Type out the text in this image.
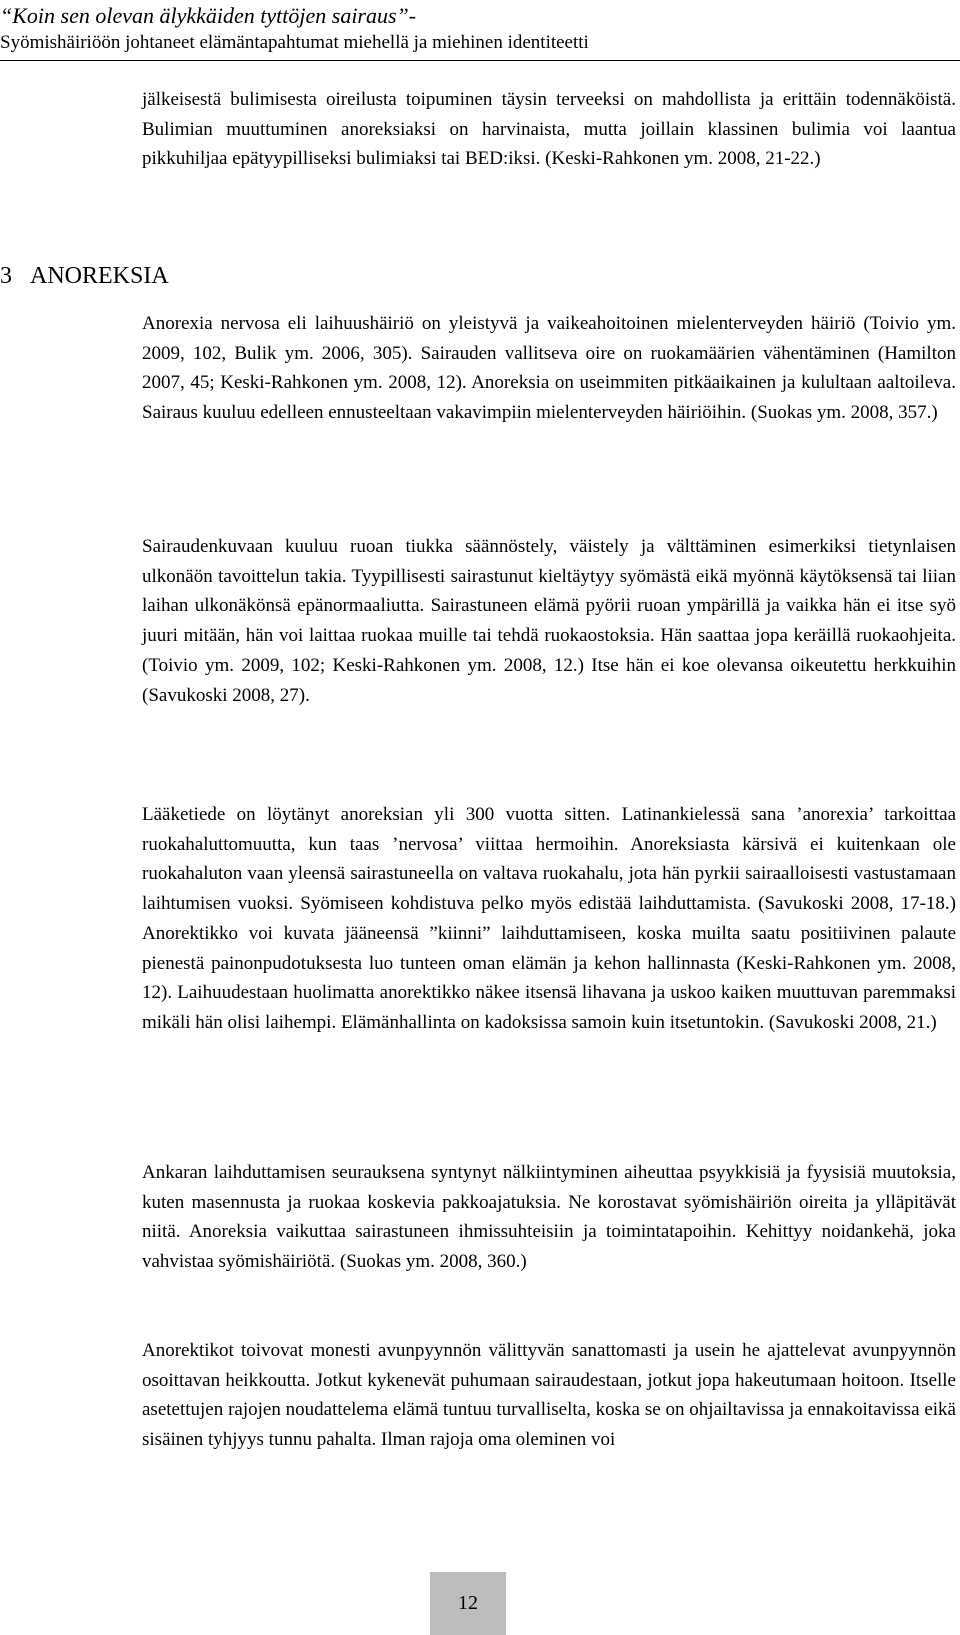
“Koin sen olevan älykkäiden tyttöjen sairaus”-
Syömishäiriöön johtaneet elämäntapahtumat miehellä ja miehinen identiteetti
jälkeisestä bulimisesta oireilusta toipuminen täysin terveeksi on mahdollista ja erittäin todennäköistä. Bulimian muuttuminen anoreksiaksi on harvinaista, mutta joillain klassinen bulimia voi laantua pikkuhiljaa epätyypilliseksi bulimiaksi tai BED:iksi. (Keski-Rahkonen ym. 2008, 21-22.)
3 ANOREKSIA
Anorexia nervosa eli laihuushäiriö on yleistyvä ja vaikeahoitoinen mielenterveyden häiriö (Toivio ym. 2009, 102, Bulik ym. 2006, 305). Sairauden vallitseva oire on ruokamäärien vähentäminen (Hamilton 2007, 45; Keski-Rahkonen ym. 2008, 12). Anoreksia on useimmiten pitkäaikainen ja kulultaan aaltoileva. Sairaus kuuluu edelleen ennusteeltaan vakavimpiin mielenterveyden häiriöihin. (Suokas ym. 2008, 357.)
Sairaudenkuvaan kuuluu ruoan tiukka säännöstely, väistely ja välttäminen esimerkiksi tietynlaisen ulkonäön tavoittelun takia. Tyypillisesti sairastunut kieltäytyy syömästä eikä myönnä käytöksensä tai liian laihan ulkonäkönsä epänormaaliutta. Sairastuneen elämä pyörii ruoan ympärillä ja vaikka hän ei itse syö juuri mitään, hän voi laittaa ruokaa muille tai tehdä ruokaostoksia. Hän saattaa jopa keräillä ruokaohjeita. (Toivio ym. 2009, 102; Keski-Rahkonen ym. 2008, 12.) Itse hän ei koe olevansa oikeutettu herkkuihin (Savukoski 2008, 27).
Lääketiede on löytänyt anoreksian yli 300 vuotta sitten. Latinankielessä sana ’anorexia’ tarkoittaa ruokahaluttomuutta, kun taas ’nervosa’ viittaa hermoihin. Anoreksiasta kärsivä ei kuitenkaan ole ruokahaluton vaan yleensä sairastuneella on valtava ruokahalu, jota hän pyrkii sairaalloisesti vastustamaan laihtumisen vuoksi. Syömiseen kohdistuva pelko myös edistää laihduttamista. (Savukoski 2008, 17-18.) Anorektikko voi kuvata jääneensä ”kiinni” laihduttamiseen, koska muilta saatu positiivinen palaute pienestä painonpudotuksesta luo tunteen oman elämän ja kehon hallinnasta (Keski-Rahkonen ym. 2008, 12). Laihuudestaan huolimatta anorektikko näkee itsensä lihavana ja uskoo kaiken muuttuvan paremmaksi mikäli hän olisi laihempi. Elämänhallinta on kadoksissa samoin kuin itsetuntokin. (Savukoski 2008, 21.)
Ankaran laihduttamisen seurauksena syntynyt nälkiintyminen aiheuttaa psyykkisiä ja fyysisiä muutoksia, kuten masennusta ja ruokaa koskevia pakkoajatuksia. Ne korostavat syömishäiriön oireita ja ylläpitävät niitä. Anoreksia vaikuttaa sairastuneen ihmissuhteisiin ja toimintatapoihin. Kehittyy noidankehä, joka vahvistaa syömishäiriötä. (Suokas ym. 2008, 360.)
Anorektikot toivovat monesti avunpyynnön välittyvän sanattomasti ja usein he ajattelevat avunpyynnön osoittavan heikkoutta. Jotkut kykenevät puhumaan sairaudestaan, jotkut jopa hakeutumaan hoitoon. Itselle asetettujen rajojen noudattelema elämä tuntuu turvalliselta, koska se on ohjailtavissa ja ennakoitavissa eikä sisäinen tyhjyys tunnu pahalta. Ilman rajoja oma oleminen voi
12
